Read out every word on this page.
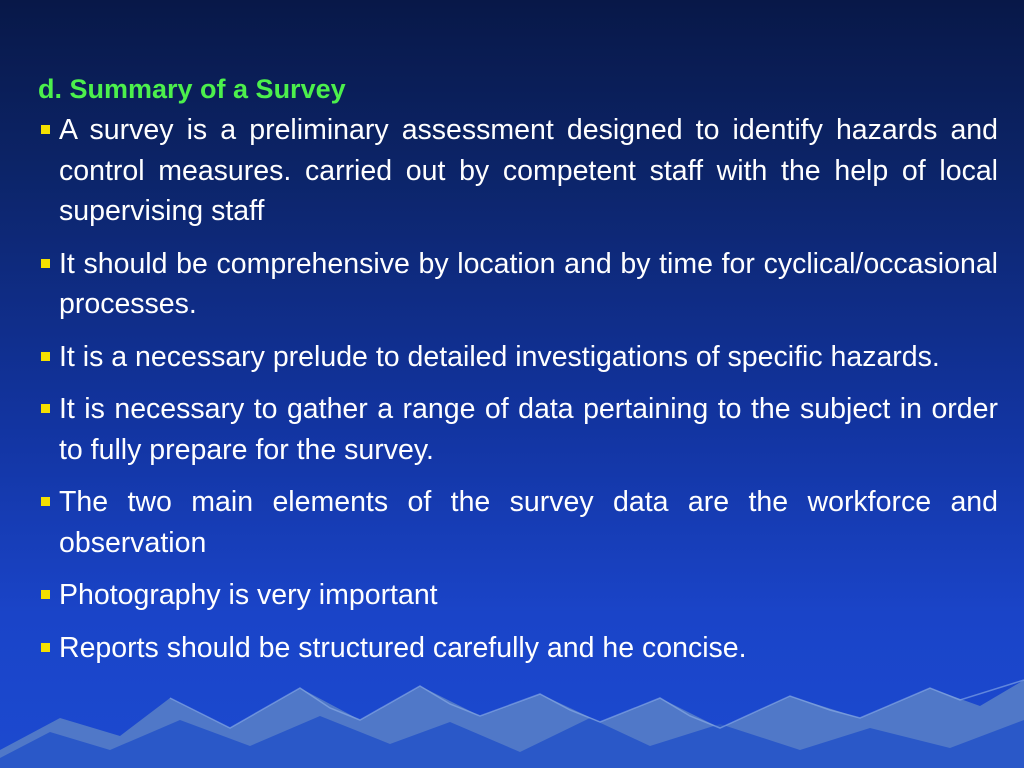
d. Summary of a Survey
A survey is a preliminary assessment designed to identify hazards and control measures. carried out by competent staff with the help of local supervising staff
It should be comprehensive by location and by time for cyclical/occasional processes.
It is a necessary prelude to detailed investigations of specific hazards.
It is necessary to gather a range of data pertaining to the subject in order to fully prepare for the survey.
The two main elements of the survey data are the workforce and observation
Photography is very important
Reports should be structured carefully and he concise.
